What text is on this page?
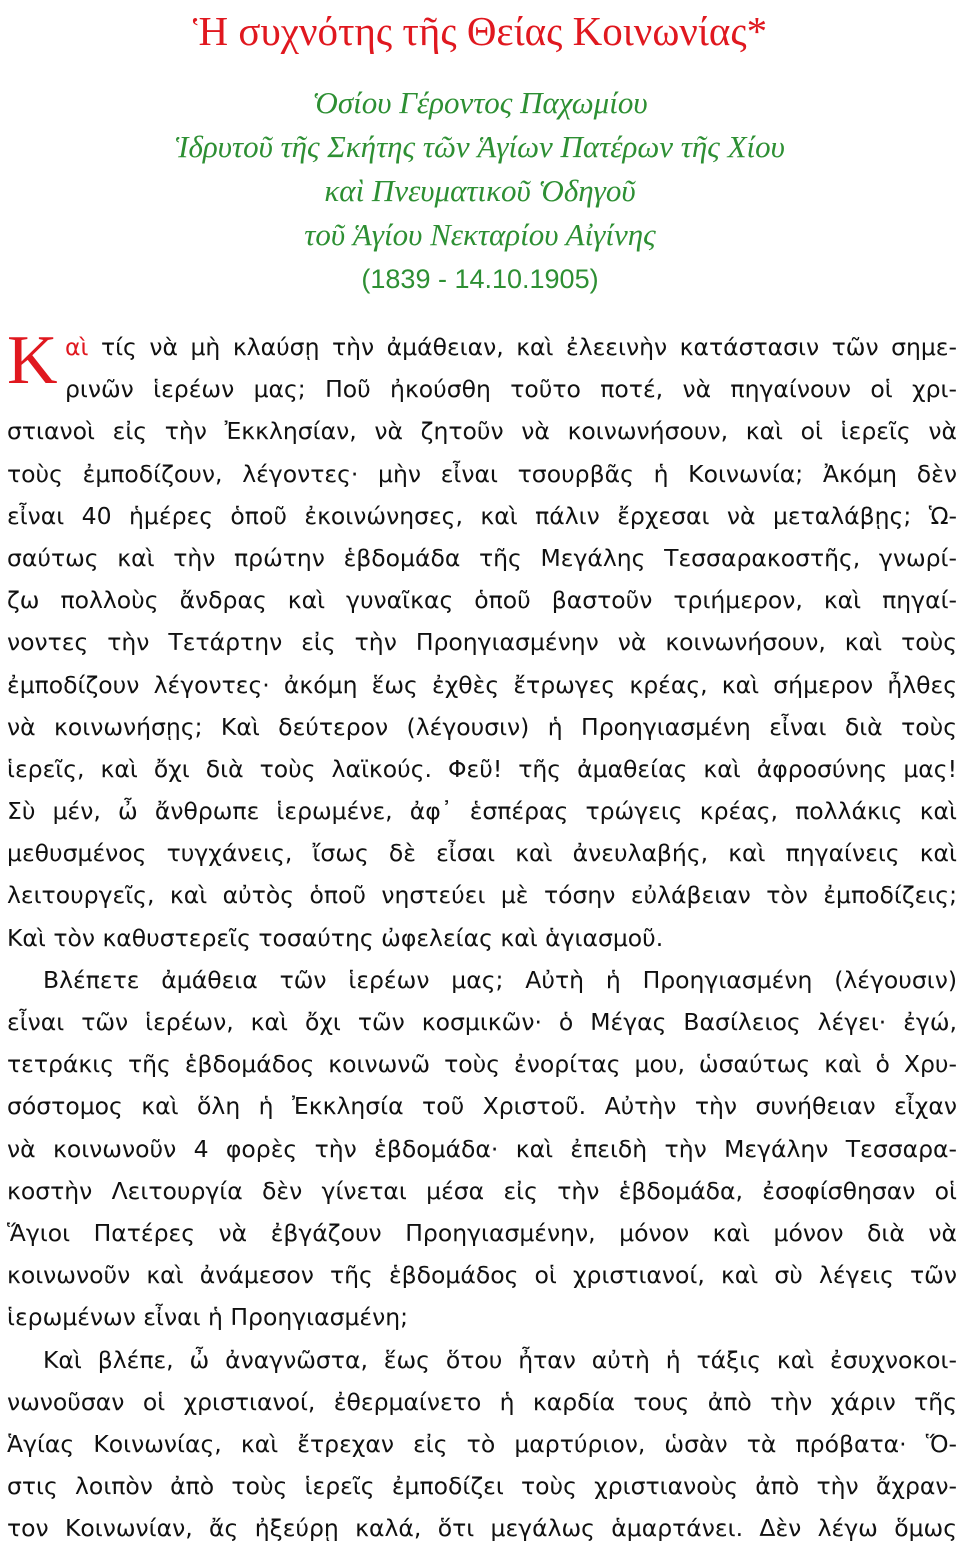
Ἡ συχνότης τῆς Θείας Κοινωνίας*
Ὁσίου Γέροντος Παχωμίου
Ἱδρυτοῦ τῆς Σκήτης τῶν Ἁγίων Πατέρων τῆς Χίου
καὶ Πνευματικοῦ Ὁδηγοῦ
τοῦ Ἁγίου Νεκταρίου Αἰγίνης
(1839 - 14.10.1905)
Κ αὶ τίς νὰ μὴ κλαύσῃ τὴν ἀμάθειαν, καὶ ἐλεεινὴν κατάστασιν τῶν σημε-
ρινῶν ἱερέων μας; Ποῦ ἠκούσθη τοῦτο ποτέ, νὰ πηγαίνουν οἱ χρι-
στιανοὶ εἰς τὴν Ἐκκλησίαν, νὰ ζητοῦν νὰ κοινωνήσουν, καὶ οἱ ἱερεῖς νὰ
τοὺς ἐμποδίζουν, λέγοντες· μὴν εἶναι τσουρβᾶς ἡ Κοινωνία; Ἀκόμη δὲν
εἶναι 40 ἡμέρες ὁποῦ ἐκοινώνησες, καὶ πάλιν ἔρχεσαι νὰ μεταλάβῃς; Ὡ-
σαύτως καὶ τὴν πρώτην ἑβδομάδα τῆς Μεγάλης Τεσσαρακοστῆς, γνωρί-
ζω πολλοὺς ἄνδρας καὶ γυναῖκας ὁποῦ βαστοῦν τριήμερον, καὶ πηγαί-
νοντες τὴν Τετάρτην εἰς τὴν Προηγιασμένην νὰ κοινωνήσουν, καὶ τοὺς
ἐμποδίζουν λέγοντες· ἀκόμη ἕως ἐχθὲς ἔτρωγες κρέας, καὶ σήμερον ἦλθες
νὰ κοινωνήσῃς; Καὶ δεύτερον (λέγουσιν) ἡ Προηγιασμένη εἶναι διὰ τοὺς
ἱερεῖς, καὶ ὄχι διὰ τοὺς λαϊκούς. Φεῦ! τῆς ἀμαθείας καὶ ἀφροσύνης μας!
Σὺ μέν, ὦ ἄνθρωπε ἱερωμένε, ἀφ᾿ ἑσπέρας τρώγεις κρέας, πολλάκις καὶ
μεθυσμένος τυγχάνεις, ἴσως δὲ εἶσαι καὶ ἀνευλαβής, καὶ πηγαίνεις καὶ
λειτουργεῖς, καὶ αὐτὸς ὁποῦ νηστεύει μὲ τόσην εὐλάβειαν τὸν ἐμποδίζεις;
Καὶ τὸν καθυστερεῖς τοσαύτης ὠφελείας καὶ ἁγιασμοῦ.
Βλέπετε ἀμάθεια τῶν ἱερέων μας; Αὐτὴ ἡ Προηγιασμένη (λέγουσιν)
εἶναι τῶν ἱερέων, καὶ ὄχι τῶν κοσμικῶν· ὁ Μέγας Βασίλειος λέγει· ἐγώ,
τετράκις τῆς ἑβδομάδος κοινωνῶ τοὺς ἐνορίτας μου, ὡσαύτως καὶ ὁ Χρυ-
σόστομος καὶ ὅλη ἡ Ἐκκλησία τοῦ Χριστοῦ. Αὐτὴν τὴν συνήθειαν εἶχαν
νὰ κοινωνοῦν 4 φορὲς τὴν ἑβδομάδα· καὶ ἐπειδὴ τὴν Μεγάλην Τεσσαρα-
κοστὴν Λειτουργία δὲν γίνεται μέσα εἰς τὴν ἑβδομάδα, ἐσοφίσθησαν οἱ
Ἅγιοι Πατέρες νὰ ἐβγάζουν Προηγιασμένην, μόνον καὶ μόνον διὰ νὰ
κοινωνοῦν καὶ ἀνάμεσον τῆς ἑβδομάδος οἱ χριστιανοί, καὶ σὺ λέγεις τῶν
ἱερωμένων εἶναι ἡ Προηγιασμένη;
Καὶ βλέπε, ὦ ἀναγνῶστα, ἕως ὅτου ἦταν αὐτὴ ἡ τάξις καὶ ἐσυχνοκοι-
νωνοῦσαν οἱ χριστιανοί, ἐθερμαίνετο ἡ καρδία τους ἀπὸ τὴν χάριν τῆς
Ἁγίας Κοινωνίας, καὶ ἔτρεχαν εἰς τὸ μαρτύριον, ὡσὰν τὰ πρόβατα· Ὅ-
στις λοιπὸν ἀπὸ τοὺς ἱερεῖς ἐμποδίζει τοὺς χριστιανοὺς ἀπὸ τὴν ἄχραν-
τον Κοινωνίαν, ἄς ἠξεύρῃ καλά, ὅτι μεγάλως ἁμαρτάνει. Δὲν λέγω ὅμως
